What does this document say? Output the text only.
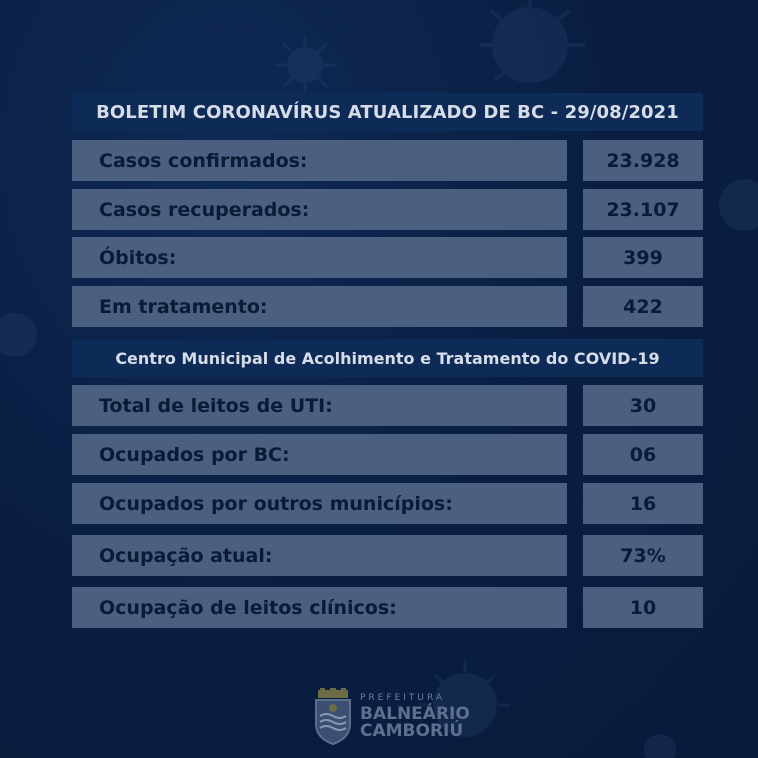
BOLETIM CORONAVÍRUS ATUALIZADO DE BC - 29/08/2021
Casos confirmados:	23.928
Casos recuperados:	23.107
Óbitos:	399
Em tratamento:	422
Centro Municipal de Acolhimento e Tratamento do COVID-19
Total de leitos de UTI:	30
Ocupados por BC:	06
Ocupados por outros municípios:	16
Ocupação atual:	73%
Ocupação de leitos clínicos:	10
PREFEITURA
BALNEÁRIO
CAMBORIÚ
